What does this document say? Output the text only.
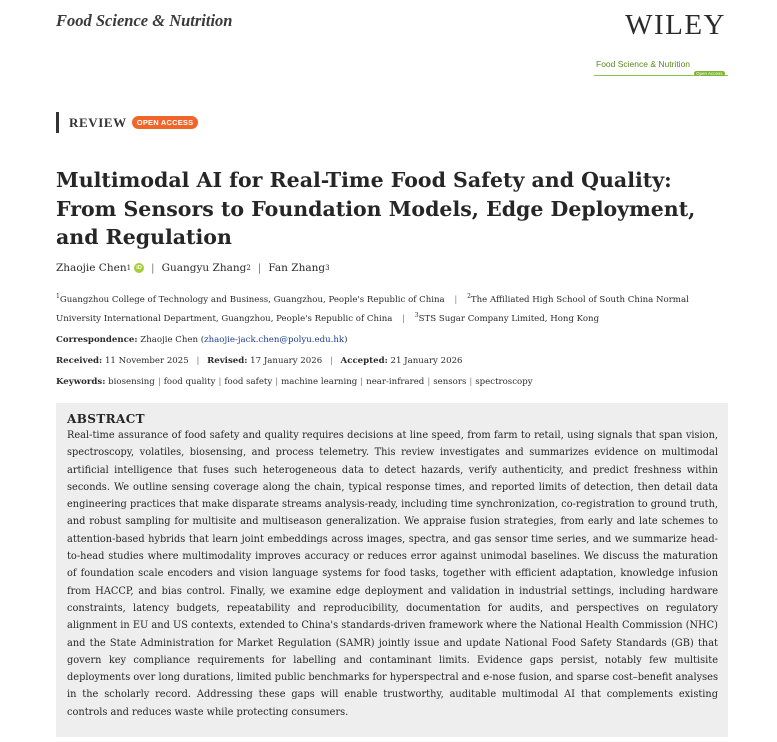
Food Science & Nutrition	WILEY
Food Science & Nutrition
Open Access
REVIEW	OPEN ACCESS
Multimodal AI for Real-Time Food Safety and Quality: From Sensors to Foundation Models, Edge Deployment, and Regulation
Zhaojie Chen 1 iD | Guangyu Zhang 2 | Fan Zhang 3
$^1$Guangzhou College of Technology and Business, Guangzhou, People's Republic of China | $^2$The Affiliated High School of South China Normal University International Department, Guangzhou, People's Republic of China | $^3$STS Sugar Company Limited, Hong Kong
Correspondence: Zhaojie Chen (zhaojie-jack.chen@polyu.edu.hk)
Received: 11 November 2025 | Revised: 17 January 2026 | Accepted: 21 January 2026
Keywords: biosensing | food quality | food safety | machine learning | near-infrared | sensors | spectroscopy
ABSTRACT

Real-time assurance of food safety and quality requires decisions at line speed, from farm to retail, using signals that span vision, spectroscopy, volatiles, biosensing, and process telemetry. This review investigates and summarizes evidence on multimodal artificial intelligence that fuses such heterogeneous data to detect hazards, verify authenticity, and predict freshness within seconds. We outline sensing coverage along the chain, typical response times, and reported limits of detection, then detail data engineering practices that make disparate streams analysis-ready, including time synchronization, co-registration to ground truth, and robust sampling for multisite and multiseason generalization. We appraise fusion strategies, from early and late schemes to attention-based hybrids that learn joint embeddings across images, spectra, and gas sensor time series, and we summarize head-to-head studies where multimodality improves accuracy or reduces error against unimodal baselines. We discuss the maturation of foundation scale encoders and vision language systems for food tasks, together with efficient adaptation, knowledge infusion from HACCP, and bias control. Finally, we examine edge deployment and validation in industrial settings, including hardware constraints, latency budgets, repeatability and reproducibility, documentation for audits, and perspectives on regulatory alignment in EU and US contexts, extended to China's standards-driven framework where the National Health Commission (NHC) and the State Administration for Market Regulation (SAMR) jointly issue and update National Food Safety Standards (GB) that govern key compliance requirements for labelling and contaminant limits. Evidence gaps persist, notably few multisite deployments over long durations, limited public benchmarks for hyperspectral and e-nose fusion, and sparse cost–benefit analyses in the scholarly record. Addressing these gaps will enable trustworthy, auditable multimodal AI that complements existing controls and reduces waste while protecting consumers.
